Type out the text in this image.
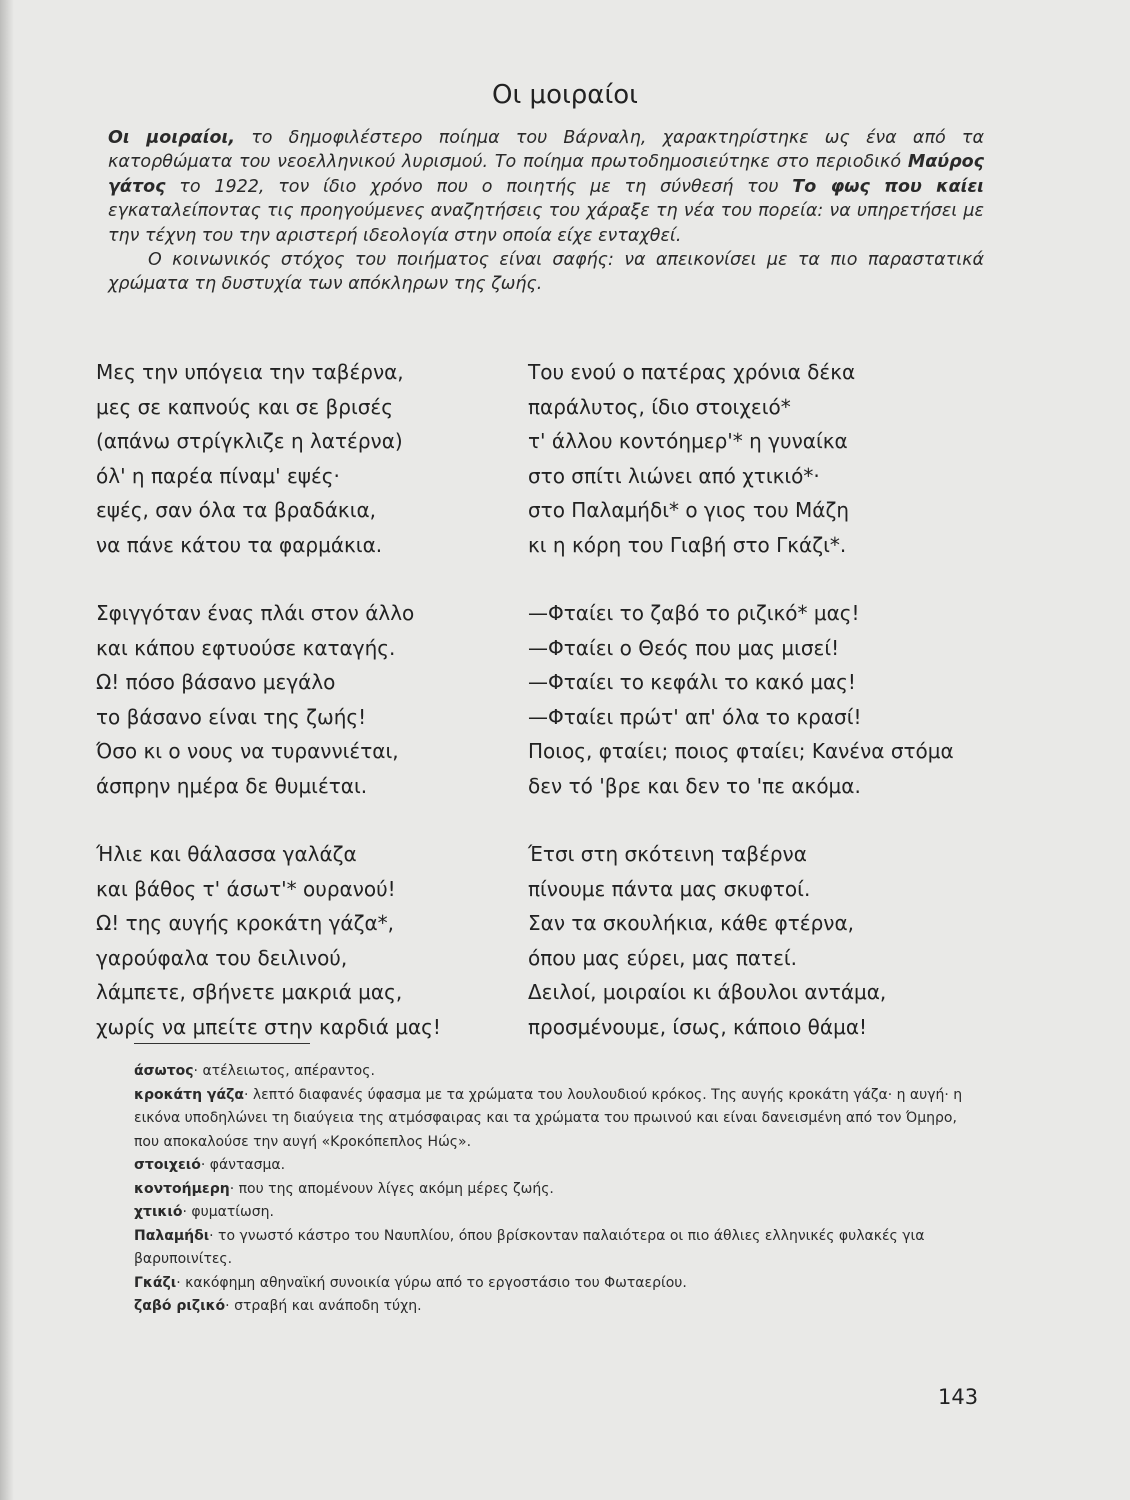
Οι μοιραίοι

Οι μοιραίοι, το δημοφιλέστερο ποίημα του Βάρναλη, χαρακτηρίστηκε ως ένα από τα κατορθώματα του νεοελληνικού λυρισμού. Το ποίημα πρωτοδημοσιεύτηκε στο περιοδικό Μαύρος γάτος το 1922, τον ίδιο χρόνο που ο ποιητής με τη σύνθεσή του Το φως που καίει εγκαταλείποντας τις προηγούμενες αναζητήσεις του χάραξε τη νέα του πορεία: να υπηρετήσει με την τέχνη του την αριστερή ιδεολογία στην οποία είχε ενταχθεί.

Ο κοινωνικός στόχος του ποιήματος είναι σαφής: να απεικονίσει με τα πιο παραστατικά χρώματα τη δυστυχία των απόκληρων της ζωής.

Μες την υπόγεια την ταβέρνα,
μες σε καπνούς και σε βρισές
(απάνω στρίγκλιζε η λατέρνα)
όλ' η παρέα πίναμ' εψές·
εψές, σαν όλα τα βραδάκια,
να πάνε κάτου τα φαρμάκια.
Σφιγγόταν ένας πλάι στον άλλο
και κάπου εφτυούσε καταγής.
Ω! πόσο βάσανο μεγάλο
το βάσανο είναι της ζωής!
Όσο κι ο νους να τυραννιέται,
άσπρην ημέρα δε θυμιέται.
Ήλιε και θάλασσα γαλάζα
και βάθος τ' άσωτ'* ουρανού!
Ω! της αυγής κροκάτη γάζα*,
γαρούφαλα του δειλινού,
λάμπετε, σβήνετε μακριά μας,
χωρίς να μπείτε στην καρδιά μας!
Του ενού ο πατέρας χρόνια δέκα
παράλυτος, ίδιο στοιχειό*
τ' άλλου κοντόημερ'* η γυναίκα
στο σπίτι λιώνει από χτικιό*·
στο Παλαμήδι* ο γιος του Μάζη
κι η κόρη του Γιαβή στο Γκάζι*.
—Φταίει το ζαβό το ριζικό* μας!
—Φταίει ο Θεός που μας μισεί!
—Φταίει το κεφάλι το κακό μας!
—Φταίει πρώτ' απ' όλα το κρασί!
Ποιος, φταίει; ποιος φταίει; Κανένα στόμα
δεν τό 'βρε και δεν το 'πε ακόμα.
Έτσι στη σκότεινη ταβέρνα
πίνουμε πάντα μας σκυφτοί.
Σαν τα σκουλήκια, κάθε φτέρνα,
όπου μας εύρει, μας πατεί.
Δειλοί, μοιραίοι κι άβουλοι αντάμα,
προσμένουμε, ίσως, κάποιο θάμα!
άσωτος· ατέλειωτος, απέραντος.
κροκάτη γάζα· λεπτό διαφανές ύφασμα με τα χρώματα του λουλουδιού κρόκος. Της αυγής κροκάτη γάζα· η αυγή· η εικόνα υποδηλώνει τη διαύγεια της ατμόσφαιρας και τα χρώματα του πρωινού και είναι δανεισμένη από τον Όμηρο, που αποκαλούσε την αυγή «Κροκόπεπλος Ηώς».
στοιχειό· φάντασμα.
κοντοήμερη· που της απομένουν λίγες ακόμη μέρες ζωής.
χτικιό· φυματίωση.
Παλαμήδι· το γνωστό κάστρο του Ναυπλίου, όπου βρίσκονταν παλαιότερα οι πιο άθλιες ελληνικές φυλακές για βαρυποινίτες.
Γκάζι· κακόφημη αθηναϊκή συνοικία γύρω από το εργοστάσιο του Φωταερίου.
ζαβό ριζικό· στραβή και ανάποδη τύχη.
143
